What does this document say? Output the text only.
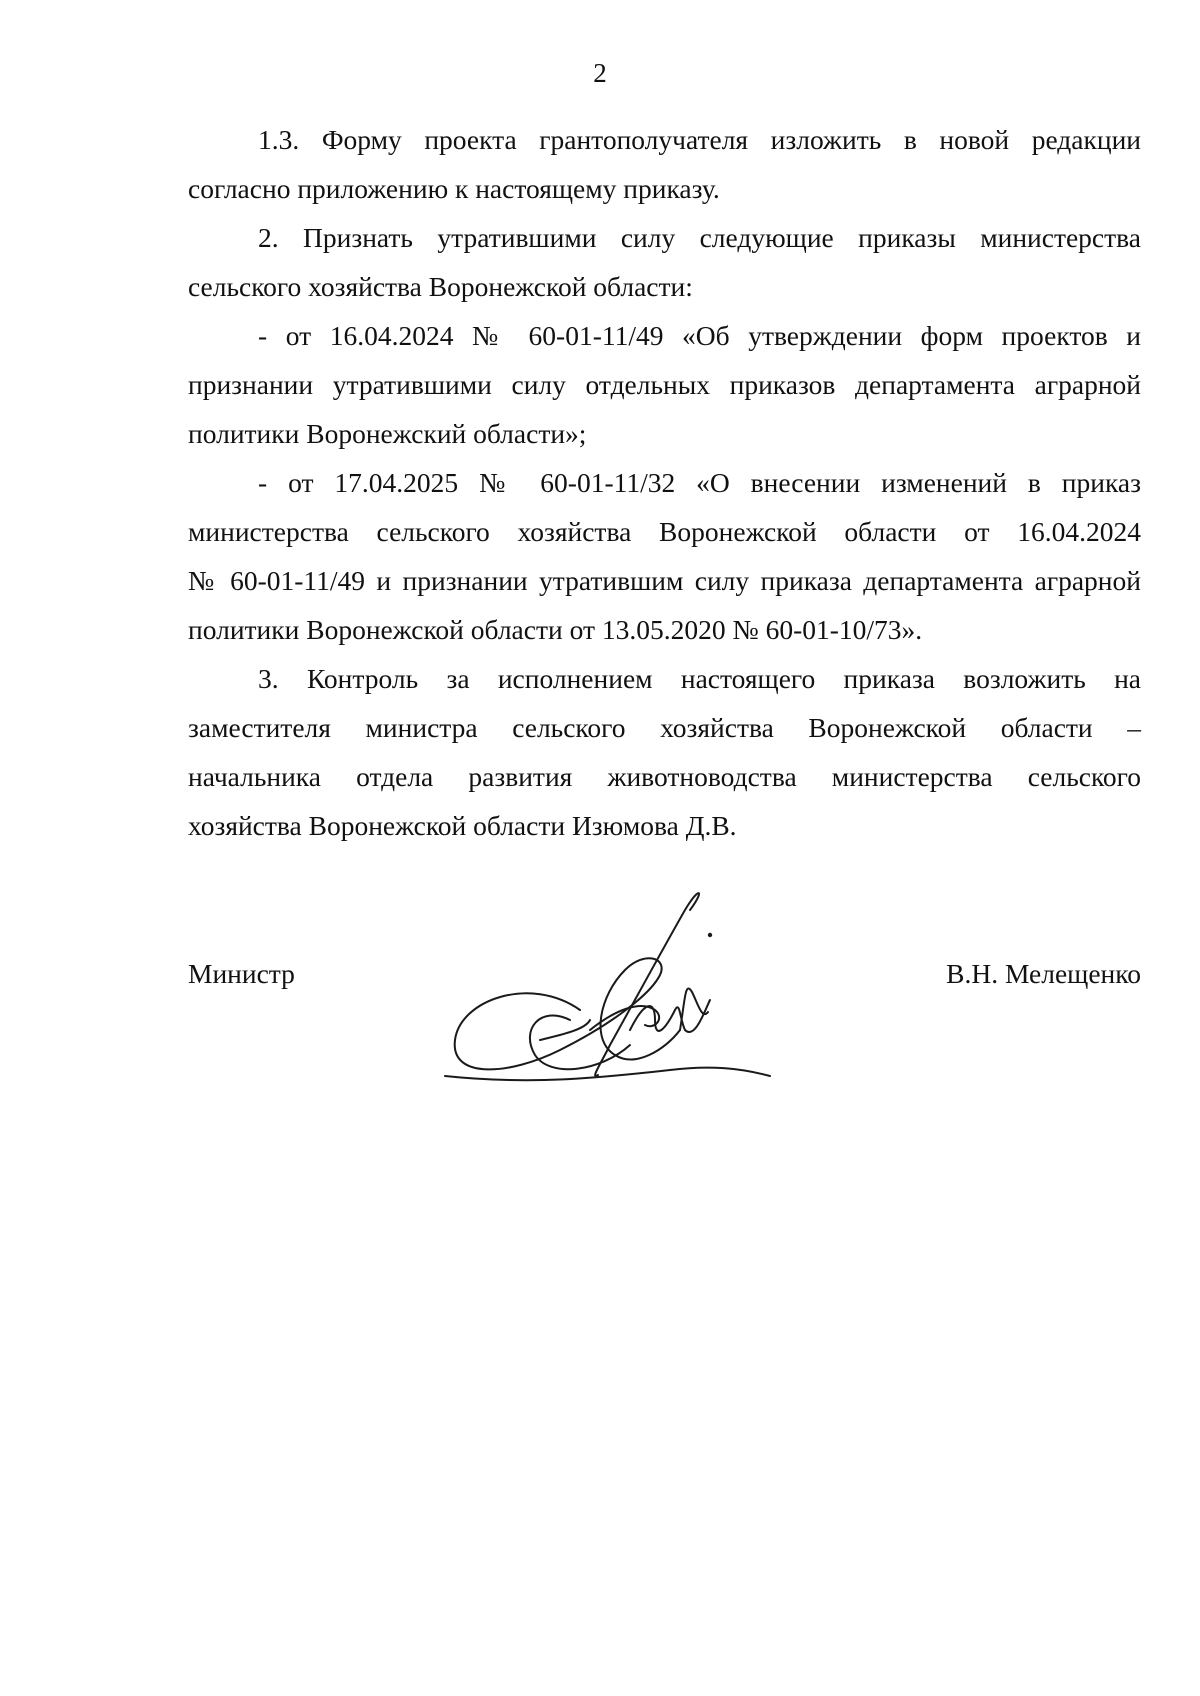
2
1.3. Форму проекта грантополучателя изложить в новой редакции
согласно приложению к настоящему приказу.
2. Признать утратившими силу следующие приказы министерства
сельского хозяйства Воронежской области:
- от 16.04.2024 № 60-01-11/49 «Об утверждении форм проектов и
признании утратившими силу отдельных приказов департамента аграрной
политики Воронежский области»;
- от 17.04.2025 № 60-01-11/32 «О внесении изменений в приказ
министерства сельского хозяйства Воронежской области от 16.04.2024
№ 60-01-11/49 и признании утратившим силу приказа департамента аграрной
политики Воронежской области от 13.05.2020 № 60-01-10/73».
3. Контроль за исполнением настоящего приказа возложить на
заместителя министра сельского хозяйства Воронежской области –
начальника отдела развития животноводства министерства сельского
хозяйства Воронежской области Изюмова Д.В.
Министр	В.Н. Мелещенко
